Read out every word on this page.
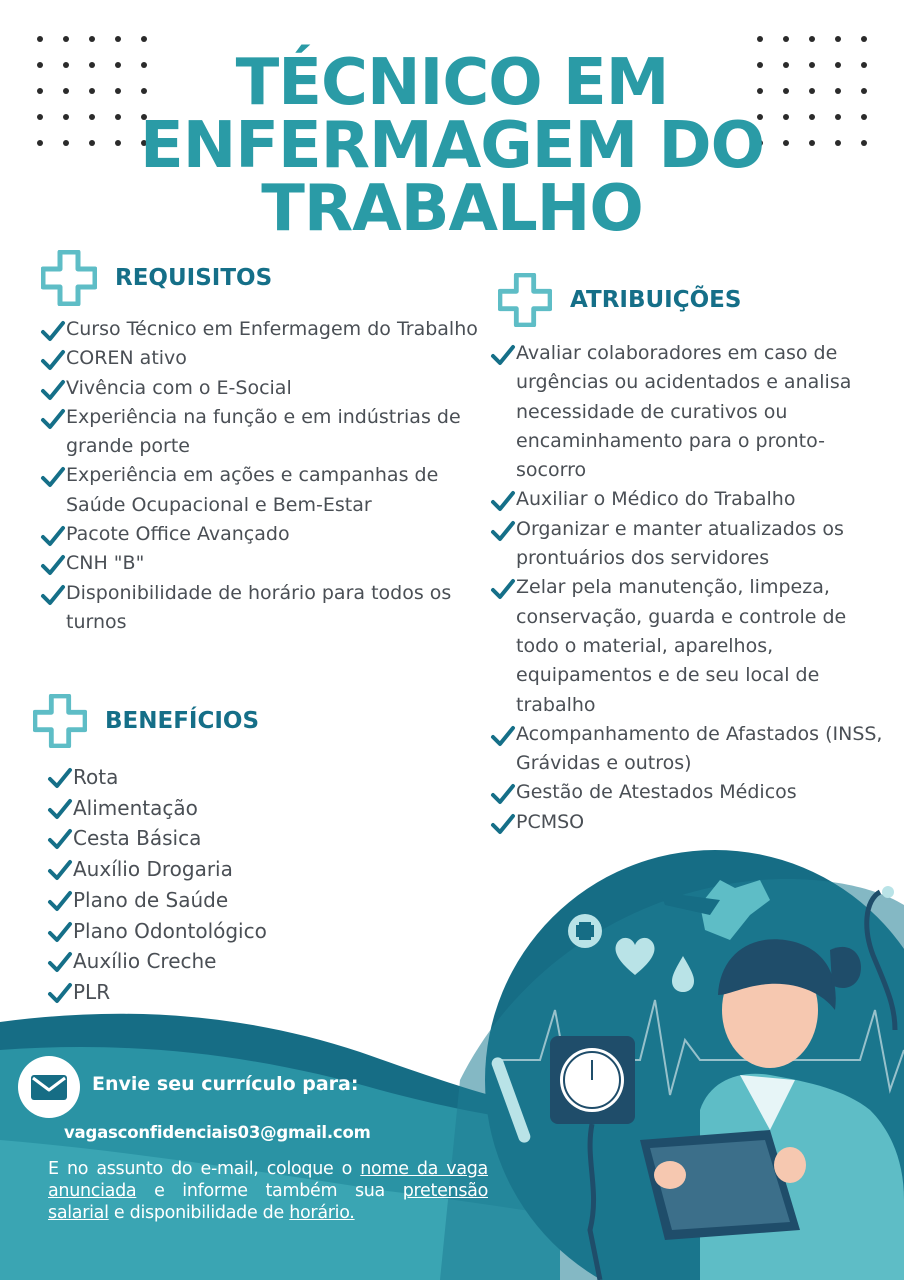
TÉCNICO EM
ENFERMAGEM DO
TRABALHO
REQUISITOS
Curso Técnico em Enfermagem do Trabalho
COREN ativo
Vivência com o E-Social
Experiência na função e em indústrias de grande porte
Experiência em ações e campanhas de Saúde Ocupacional e Bem-Estar
Pacote Office Avançado
CNH "B"
Disponibilidade de horário para todos os turnos
ATRIBUIÇÕES
Avaliar colaboradores em caso de urgências ou acidentados e analisa necessidade de curativos ou encaminhamento para o pronto-socorro
Auxiliar o Médico do Trabalho
Organizar e manter atualizados os prontuários dos servidores
Zelar pela manutenção, limpeza, conservação, guarda e controle de todo o material, aparelhos, equipamentos e de seu local de trabalho
Acompanhamento de Afastados (INSS, Grávidas e outros)
Gestão de Atestados Médicos
PCMSO
BENEFÍCIOS
Rota
Alimentação
Cesta Básica
Auxílio Drogaria
Plano de Saúde
Plano Odontológico
Auxílio Creche
PLR
Envie seu currículo para:
vagasconfidenciais03@gmail.com
E no assunto do e-mail, coloque o nome da vaga anunciada e informe também sua pretensão salarial e disponibilidade de horário.
